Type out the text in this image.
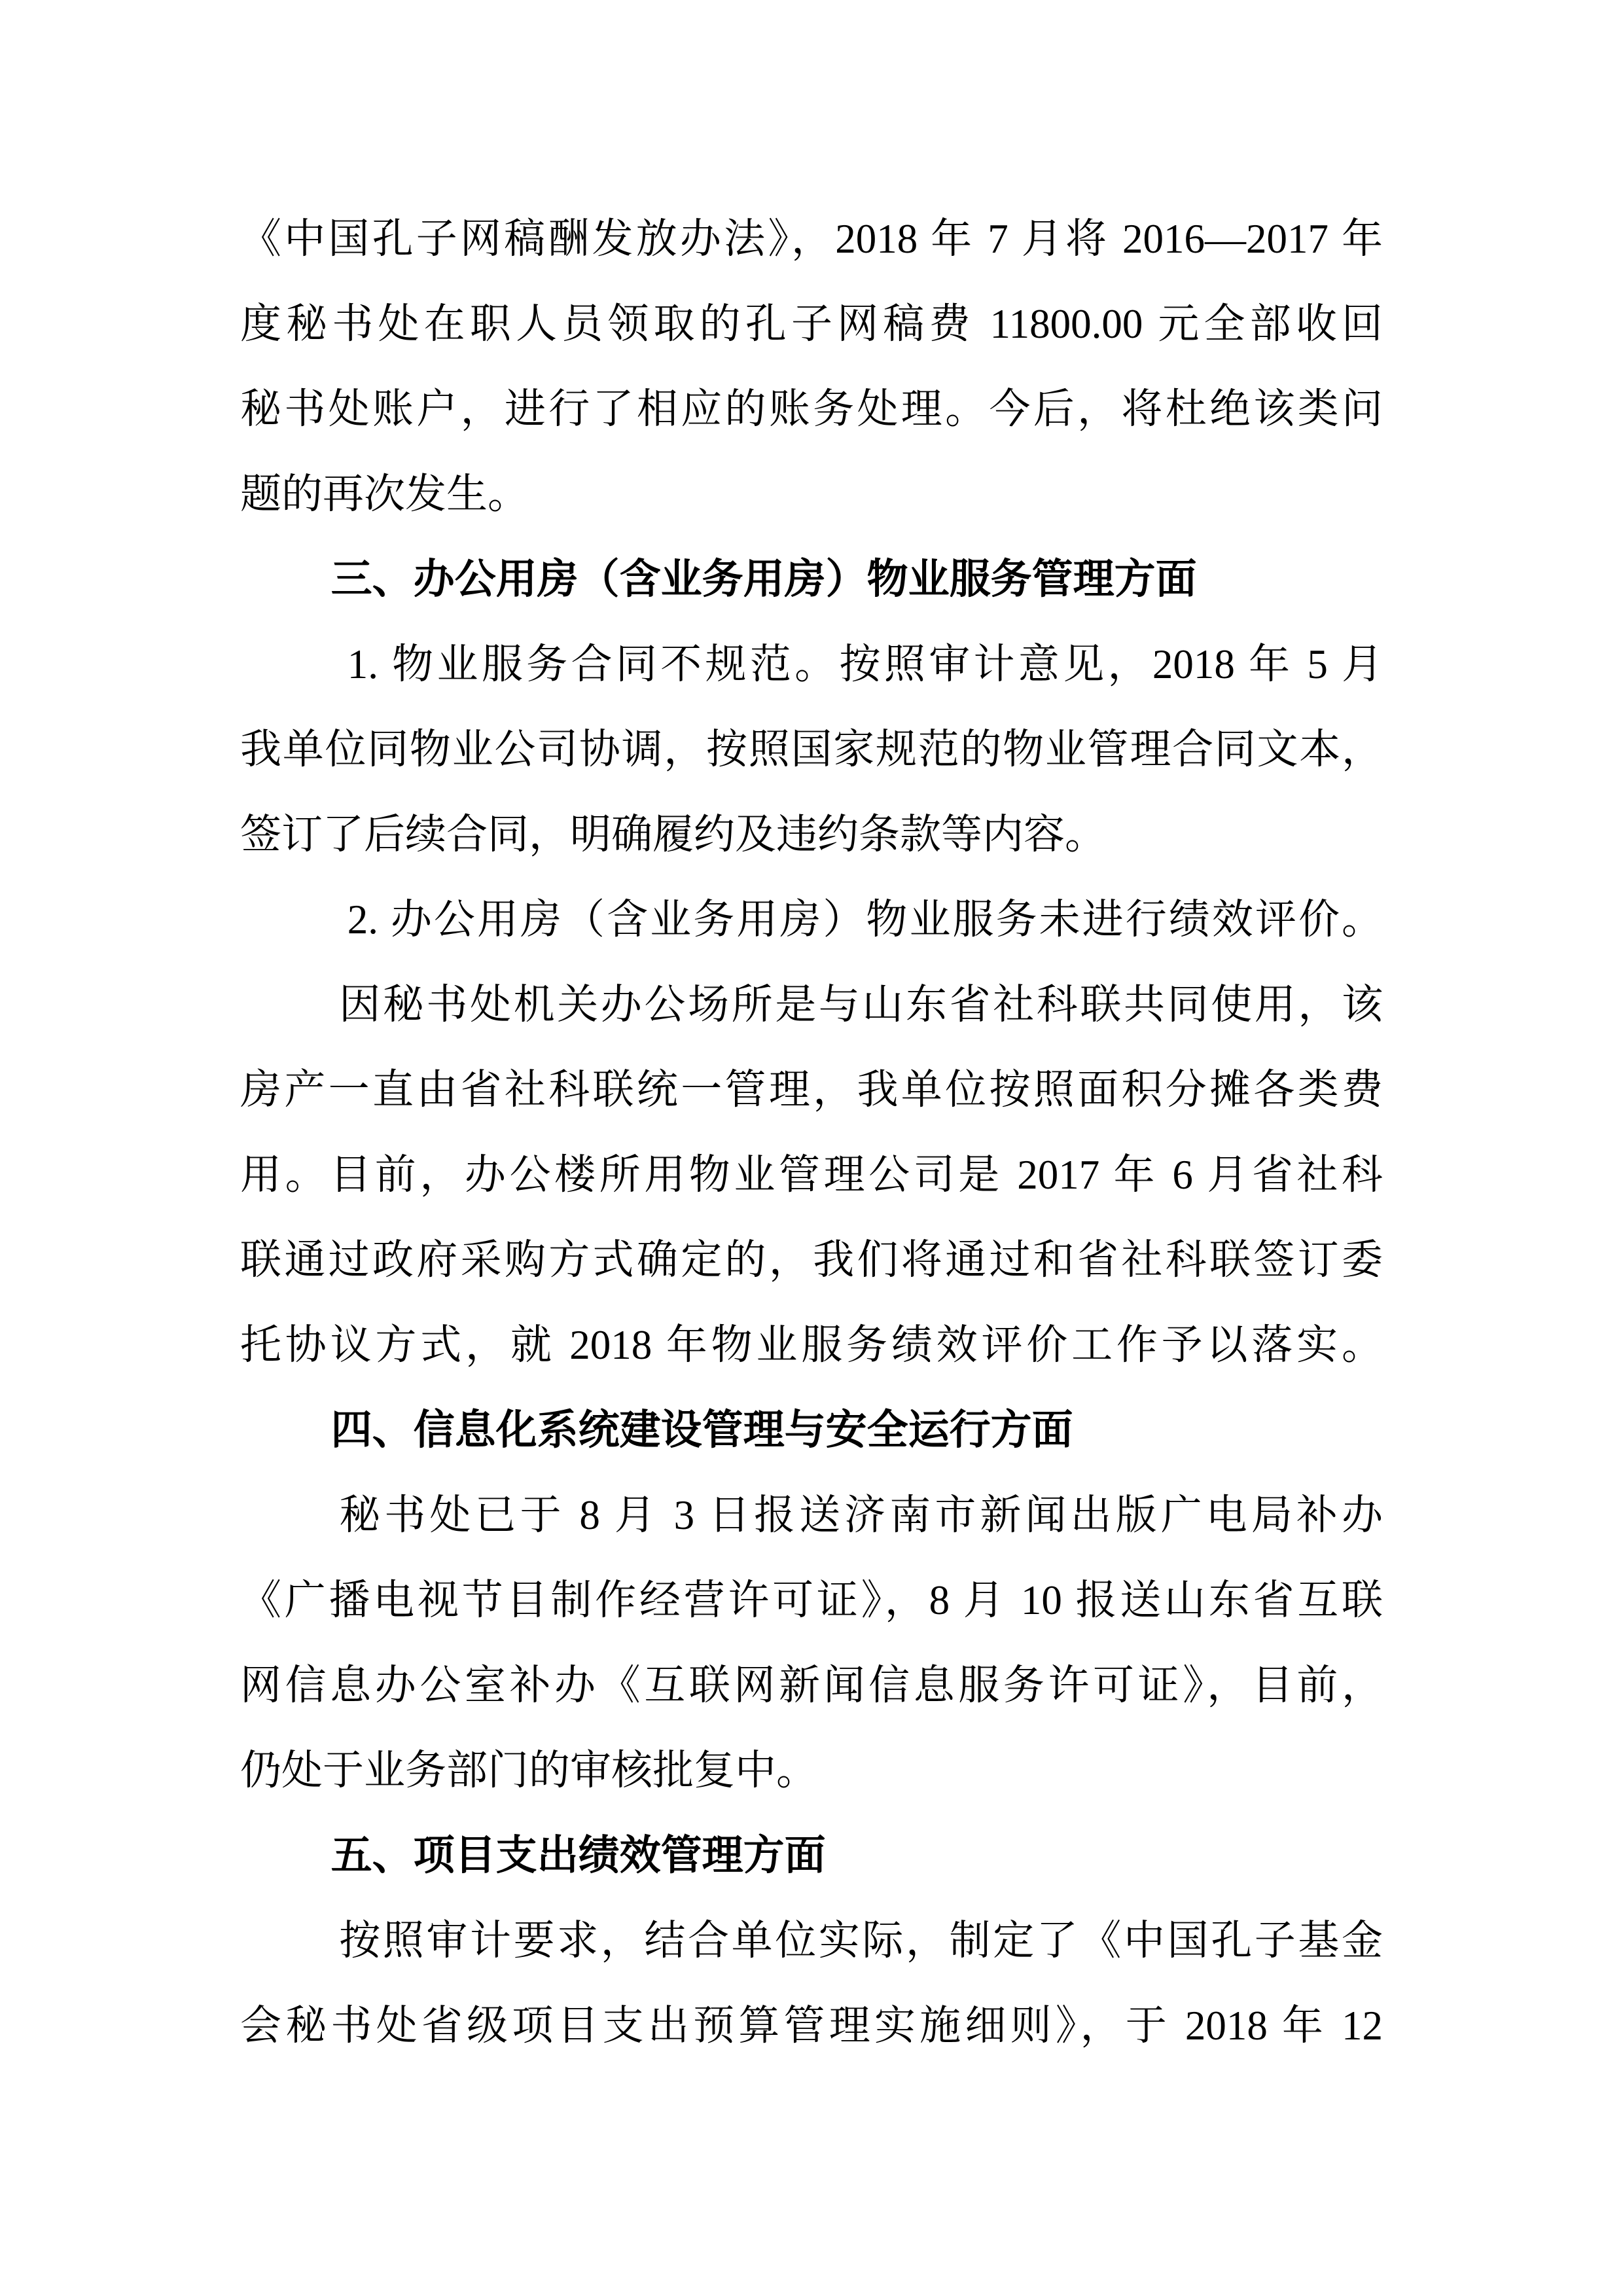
《中国孔子网稿酬发放办法》，2018 年 7 月将 2016—2017 年
度秘书处在职人员领取的孔子网稿费 11800.00 元全部收回
秘书处账户，进行了相应的账务处理。今后，将杜绝该类问
题的再次发生。
三、办公用房（含业务用房）物业服务管理方面
1. 物业服务合同不规范。按照审计意见，2018 年 5 月
我单位同物业公司协调，按照国家规范的物业管理合同文本，
签订了后续合同，明确履约及违约条款等内容。
2. 办公用房（含业务用房）物业服务未进行绩效评价。
因秘书处机关办公场所是与山东省社科联共同使用，该
房产一直由省社科联统一管理，我单位按照面积分摊各类费
用。目前，办公楼所用物业管理公司是 2017 年 6 月省社科
联通过政府采购方式确定的，我们将通过和省社科联签订委
托协议方式，就 2018 年物业服务绩效评价工作予以落实。
四、信息化系统建设管理与安全运行方面
秘书处已于 8 月 3 日报送济南市新闻出版广电局补办
《广播电视节目制作经营许可证》，8 月 10 报送山东省互联
网信息办公室补办《互联网新闻信息服务许可证》，目前，
仍处于业务部门的审核批复中。
五、项目支出绩效管理方面
按照审计要求，结合单位实际，制定了《中国孔子基金
会秘书处省级项目支出预算管理实施细则》，于 2018 年 12
